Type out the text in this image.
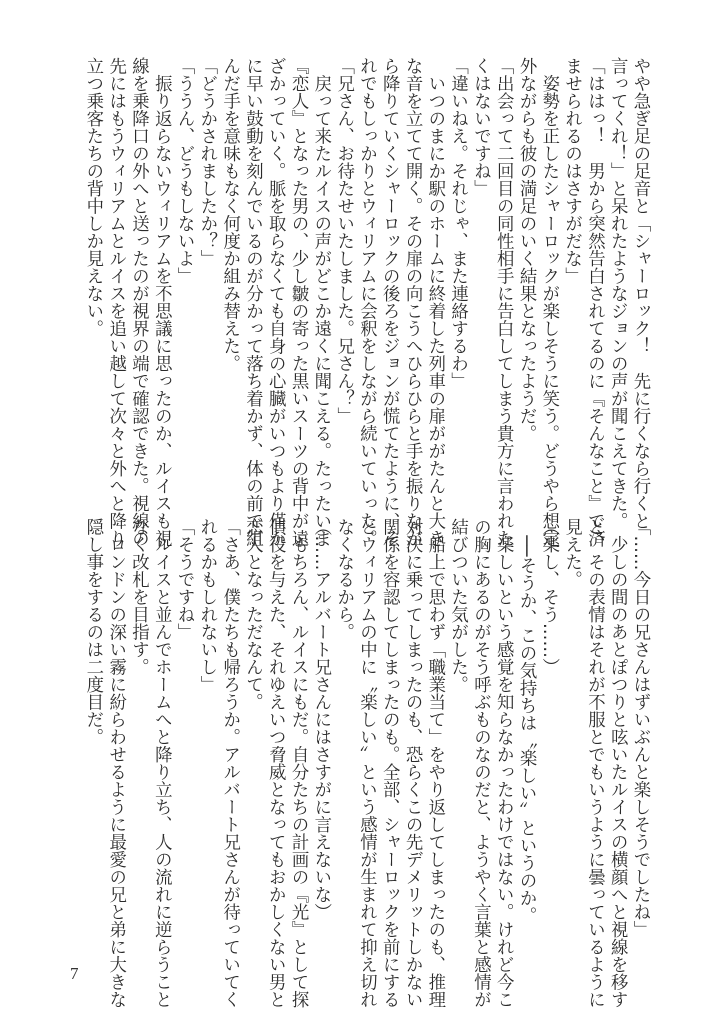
やや急ぎ足の足音と「シャーロック！　先に行くなら行くと
言ってくれ！」と呆れたようなジョンの声が聞こえてきた。
「ははっ！　男から突然告白されてるのに『そんなこと』で済
ませられるのはさすがだな」
　姿勢を正したシャーロックが楽しそうに笑う。どうやら想定
外ながらも彼の満足のいく結果となったようだ。
「出会って二回目の同性相手に告白してしまう貴方に言われた
くはないですね」
「違いねえ。それじゃ、また連絡するわ」
　いつのまにか駅のホームに終着した列車の扉ががたんと大き
な音を立てて開く。その扉の向こうへひらひらと手を振りなが
ら降りていくシャーロックの後ろをジョンが慌てたように、そ
れでもしっかりとウィリアムに会釈をしながら続いていった。
「兄さん、お待たせいたしました。兄さん？」
　戻って来たルイスの声がどこか遠くに聞こえる。たったいま
『恋人』となった男の、少し皺の寄った黒いスーツの背中が遠
ざかっていく。脈を取らなくても自身の心臓がいつもより僅か
に早い鼓動を刻んでいるのが分かって落ち着かず、体の前で組
んだ手を意味もなく何度か組み替えた。
「どうかされましたか？」
「ううん、どうもしないよ」
　振り返らないウィリアムを不思議に思ったのか、ルイスも視
線を乗降口の外へと送ったのが視界の端で確認できた。視線の
先にはもうウィリアムとルイスを追い越して次々と外へと降り
立つ乗客たちの背中しか見えない。
「……今日の兄さんはずいぶんと楽しそうでしたね」
　少しの間のあとぽつりと呟いたルイスの横顔へと視線を移す
と、その表情はそれが不服とでもいうように曇っているように
見えた。
（楽し、そう……）
　──そうか、この気持ちは〝楽しい〟というのか。
　楽しいという感覚を知らなかったわけではない。けれど今こ
の胸にあるのがそう呼ぶものなのだと、ようやく言葉と感情が
結びついた気がした。
　船上で思わず「職業当て」をやり返してしまったのも、推理
対決に乗ってしまったのも、恐らくこの先デメリットしかない
関係を容認してしまったのも。全部、シャーロックを前にする
とウィリアムの中に〝楽しい〟という感情が生まれて抑え切れ
なくなるから。
（……アルバート兄さんにはさすがに言えないな）
　もちろん、ルイスにもだ。自分たちの計画の『光』として探
偵役を与えた、それゆえいつ脅威となってもおかしくない男と
恋人となっただなんて。
「さあ、僕たちも帰ろうか。アルバート兄さんが待っていてく
れるかもしれないし」
「そうですね」
　ルイスと並んでホームへと降り立ち、人の流れに逆らうこと
なく改札を目指す。
　ロンドンの深い霧に紛らわせるように最愛の兄と弟に大きな
隠し事をするのは二度目だ。
7
